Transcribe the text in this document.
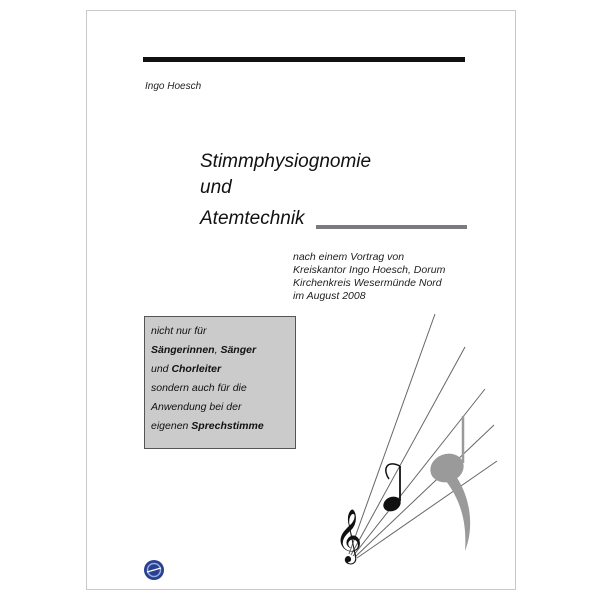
Ingo Hoesch
Stimmphysiognomie
und
Atemtechnik
nach einem Vortrag von
Kreiskantor Ingo Hoesch, Dorum
Kirchenkreis Wesermünde Nord
im August 2008
𝄞
nicht nur für
Sängerinnen, Sänger
und Chorleiter
sondern auch für die
Anwendung bei der
eigenen Sprechstimme
